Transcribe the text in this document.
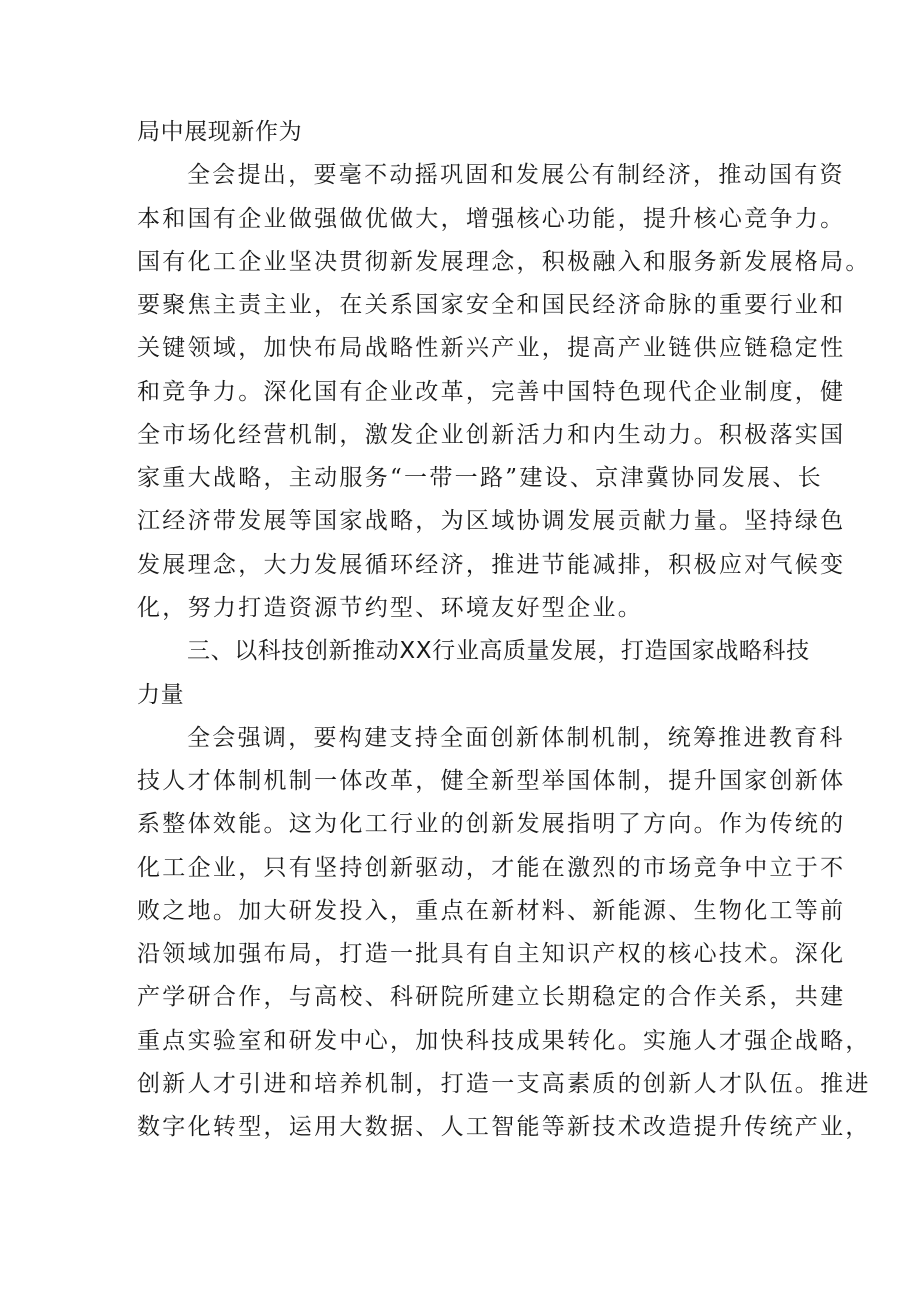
局中展现新作为
全会提出，要毫不动摇巩固和发展公有制经济，推动国有资
本和国有企业做强做优做大，增强核心功能，提升核心竞争力。
国有化工企业坚决贯彻新发展理念，积极融入和服务新发展格局。
要聚焦主责主业，在关系国家安全和国民经济命脉的重要行业和
关键领域，加快布局战略性新兴产业，提高产业链供应链稳定性
和竞争力。深化国有企业改革，完善中国特色现代企业制度，健
全市场化经营机制，激发企业创新活力和内生动力。积极落实国
家重大战略，主动服务“一带一路”建设、京津冀协同发展、长
江经济带发展等国家战略，为区域协调发展贡献力量。坚持绿色
发展理念，大力发展循环经济，推进节能减排，积极应对气候变
化，努力打造资源节约型、环境友好型企业。
三、以科技创新推动XX行业高质量发展，打造国家战略科技
力量
全会强调，要构建支持全面创新体制机制，统筹推进教育科
技人才体制机制一体改革，健全新型举国体制，提升国家创新体
系整体效能。这为化工行业的创新发展指明了方向。作为传统的
化工企业，只有坚持创新驱动，才能在激烈的市场竞争中立于不
败之地。加大研发投入，重点在新材料、新能源、生物化工等前
沿领域加强布局，打造一批具有自主知识产权的核心技术。深化
产学研合作，与高校、科研院所建立长期稳定的合作关系，共建
重点实验室和研发中心，加快科技成果转化。实施人才强企战略，
创新人才引进和培养机制，打造一支高素质的创新人才队伍。推进
数字化转型，运用大数据、人工智能等新技术改造提升传统产业，
